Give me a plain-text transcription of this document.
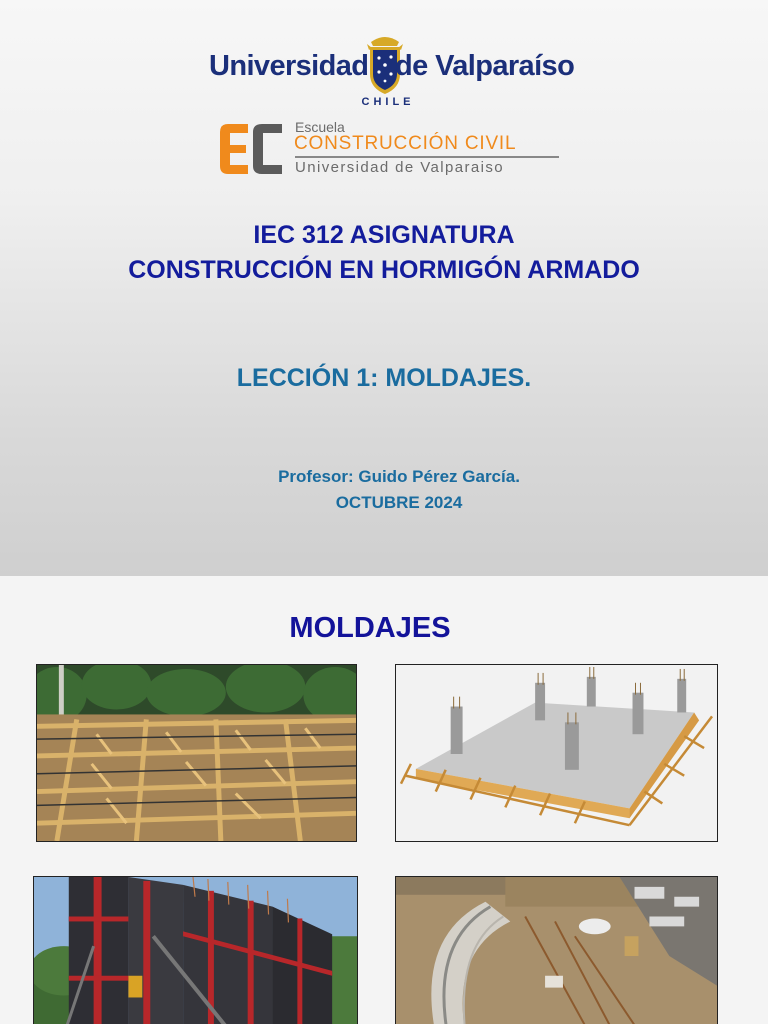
Universidad de Valparaíso
CHILE
Escuela
CONSTRUCCIÓN CIVIL
Universidad de Valparaiso
IEC 312 ASIGNATURA
CONSTRUCCIÓN EN HORMIGÓN ARMADO
LECCIÓN 1: MOLDAJES.
Profesor: Guido Pérez García.
OCTUBRE 2024
MOLDAJES
